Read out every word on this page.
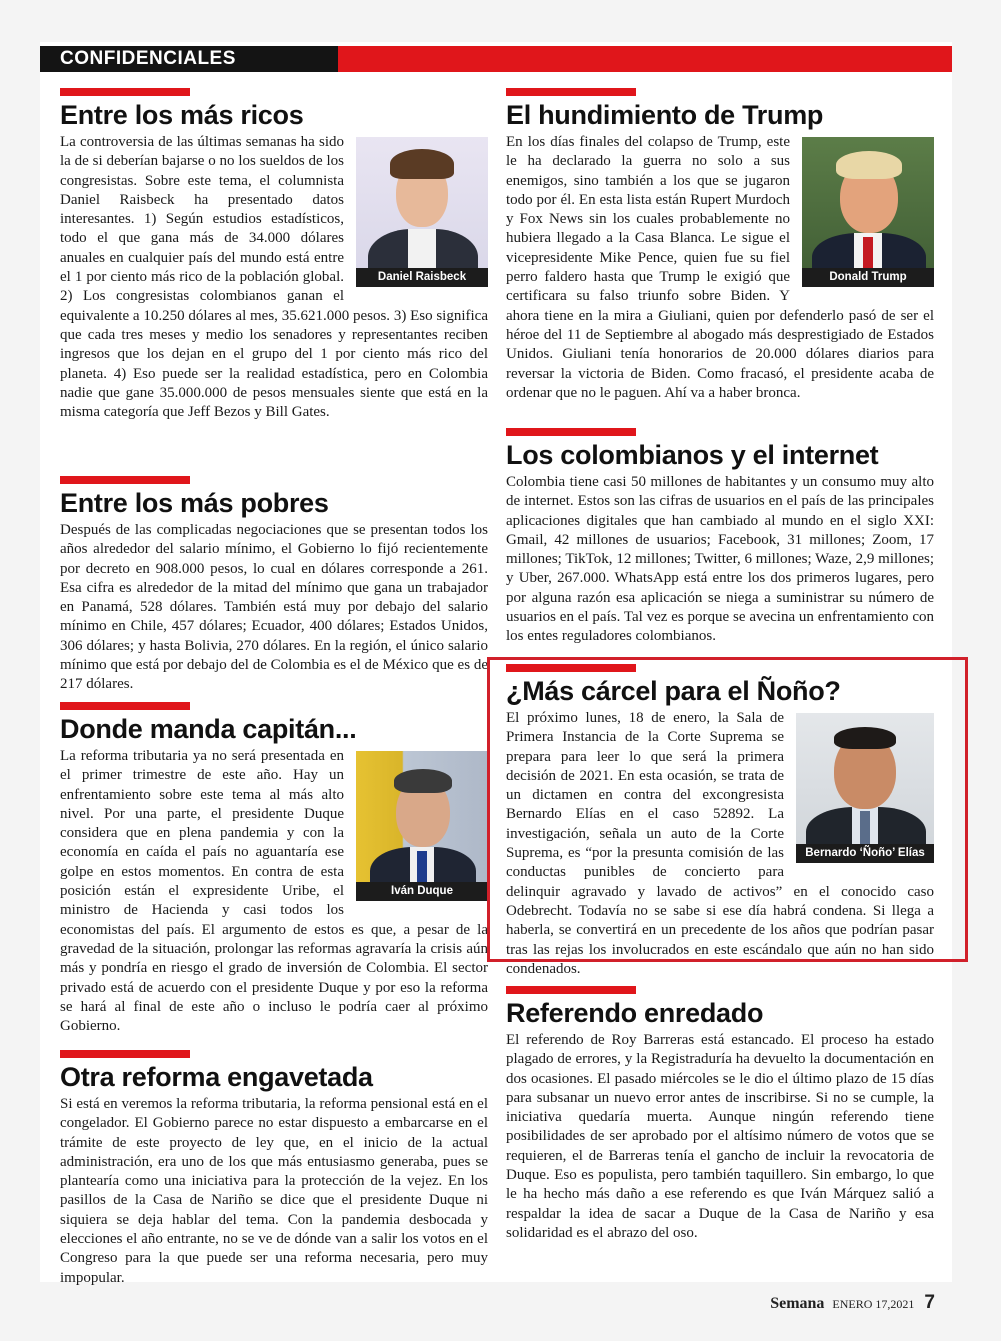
CONFIDENCIALES
Entre los más ricos
Daniel Raisbeck

La controversia de las últimas semanas ha sido la de si deberían bajarse o no los sueldos de los congresistas. Sobre este tema, el columnista Daniel Raisbeck ha presentado datos interesantes. 1) Según estudios estadísticos, todo el que gana más de 34.000 dólares anuales en cualquier país del mundo está entre el 1 por ciento más rico de la población global. 2) Los congresistas colombianos ganan el equivalente a 10.250 dólares al mes, 35.621.000 pesos. 3) Eso significa que cada tres meses y medio los senadores y representantes reciben ingresos que los dejan en el grupo del 1 por ciento más rico del planeta. 4) Eso puede ser la realidad estadística, pero en Colombia nadie que gane 35.000.000 de pesos mensuales siente que está en la misma categoría que Jeff Bezos y Bill Gates.

Entre los más pobres

Después de las complicadas negociaciones que se presentan todos los años alrededor del salario mínimo, el Gobierno lo fijó recientemente por decreto en 908.000 pesos, lo cual en dólares corresponde a 261. Esa cifra es alrededor de la mitad del mínimo que gana un trabajador en Panamá, 528 dólares. También está muy por debajo del salario mínimo en Chile, 457 dólares; Ecuador, 400 dólares; Estados Unidos, 306 dólares; y hasta Bolivia, 270 dólares. En la región, el único salario mínimo que está por debajo del de Colombia es el de México que es de 217 dólares.

Donde manda capitán...
Iván Duque

La reforma tributaria ya no será presentada en el primer trimestre de este año. Hay un enfrentamiento sobre este tema al más alto nivel. Por una parte, el presidente Duque considera que en plena pandemia y con la economía en caída el país no aguantaría ese golpe en estos momentos. En contra de esta posición están el expresidente Uribe, el ministro de Hacienda y casi todos los economistas del país. El argumento de estos es que, a pesar de la gravedad de la situación, prolongar las reformas agravaría la crisis aún más y pondría en riesgo el grado de inversión de Colombia. El sector privado está de acuerdo con el presidente Duque y por eso la reforma se hará al final de este año o incluso le podría caer al próximo Gobierno.

Otra reforma engavetada

Si está en veremos la reforma tributaria, la reforma pensional está en el congelador. El Gobierno parece no estar dispuesto a embarcarse en el trámite de este proyecto de ley que, en el inicio de la actual administración, era uno de los que más entusiasmo generaba, pues se plantearía como una iniciativa para la protección de la vejez. En los pasillos de la Casa de Nariño se dice que el presidente Duque ni siquiera se deja hablar del tema. Con la pandemia desbocada y elecciones el año entrante, no se ve de dónde van a salir los votos en el Congreso para la que puede ser una reforma necesaria, pero muy impopular.

El hundimiento de Trump
Donald Trump

En los días finales del colapso de Trump, este le ha declarado la guerra no solo a sus enemigos, sino también a los que se jugaron todo por él. En esta lista están Rupert Murdoch y Fox News sin los cuales probablemente no hubiera llegado a la Casa Blanca. Le sigue el vicepresidente Mike Pence, quien fue su fiel perro faldero hasta que Trump le exigió que certificara su falso triunfo sobre Biden. Y ahora tiene en la mira a Giuliani, quien por defenderlo pasó de ser el héroe del 11 de Septiembre al abogado más desprestigiado de Estados Unidos. Giuliani tenía honorarios de 20.000 dólares diarios para reversar la victoria de Biden. Como fracasó, el presidente acaba de ordenar que no le paguen. Ahí va a haber bronca.

Los colombianos y el internet

Colombia tiene casi 50 millones de habitantes y un consumo muy alto de internet. Estos son las cifras de usuarios en el país de las principales aplicaciones digitales que han cambiado al mundo en el siglo XXI: Gmail, 42 millones de usuarios; Facebook, 31 millones; Zoom, 17 millones; TikTok, 12 millones; Twitter, 6 millones; Waze, 2,9 millones; y Uber, 267.000. WhatsApp está entre los dos primeros lugares, pero por alguna razón esa aplicación se niega a suministrar su número de usuarios en el país. Tal vez es porque se avecina un enfrentamiento con los entes reguladores colombianos.

¿Más cárcel para el Ñoño?
Bernardo ‘Ñoño’ Elías

El próximo lunes, 18 de enero, la Sala de Primera Instancia de la Corte Suprema se prepara para leer lo que será la primera decisión de 2021. En esta ocasión, se trata de un dictamen en contra del excongresista Bernardo Elías en el caso 52892. La investigación, señala un auto de la Corte Suprema, es “por la presunta comisión de las conductas punibles de concierto para delinquir agravado y lavado de activos” en el conocido caso Odebrecht. Todavía no se sabe si ese día habrá condena. Si llega a haberla, se convertirá en un precedente de los años que podrían pasar tras las rejas los involucrados en este escándalo que aún no han sido condenados.

Referendo enredado

El referendo de Roy Barreras está estancado. El proceso ha estado plagado de errores, y la Registraduría ha devuelto la documentación en dos ocasiones. El pasado miércoles se le dio el último plazo de 15 días para subsanar un nuevo error antes de inscribirse. Si no se cumple, la iniciativa quedaría muerta. Aunque ningún referendo tiene posibilidades de ser aprobado por el altísimo número de votos que se requieren, el de Barreras tenía el gancho de incluir la revocatoria de Duque. Eso es populista, pero también taquillero. Sin embargo, lo que le ha hecho más daño a ese referendo es que Iván Márquez salió a respaldar la idea de sacar a Duque de la Casa de Nariño y esa solidaridad es el abrazo del oso.

Semana ENERO 17,2021 7
